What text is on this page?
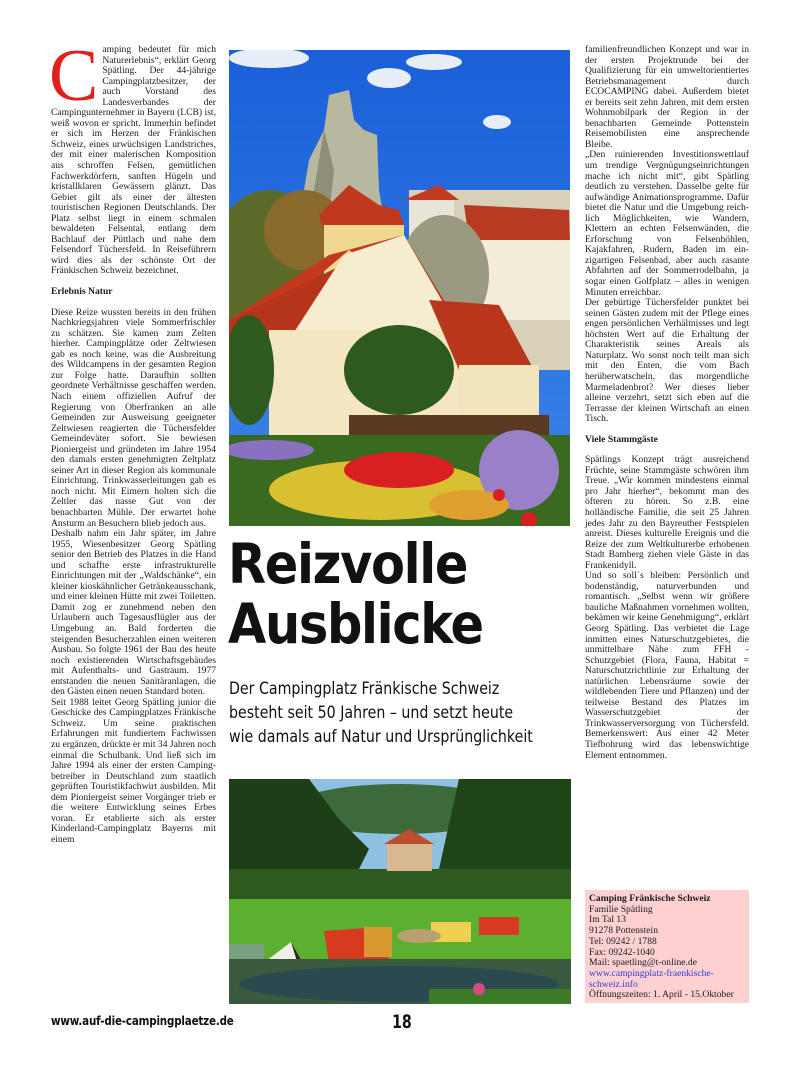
Camping bedeutet für mich Naturerlebnis“, erklärt Georg Spätling. Der 44-jährige Campingplatzbesitzer, der auch Vorstand des Landesverbandes der Campingunternehmer in Bayern (LCB) ist, weiß wovon er spricht. Immerhin befindet er sich im Herzen der Fränkischen Schweiz, eines urwüchsigen Landstriches, der mit einer malerischen Komposition aus schroffen Felsen, gemütlichen Fachwerkdörfern, sanften Hügeln und kristallklaren Gewässern glänzt. Das Gebiet gilt als einer der ältesten touristischen Regionen Deutschlands. Der Platz selbst liegt in einem schmalen bewaldeten Felsental, entlang dem Bachlauf der Püttlach und nahe dem Felsendorf Tüchersfeld. In Reiseführern wird dies als der schönste Ort der Fränkischen Schweiz bezeichnet.

Erlebnis Natur

Diese Reize wussten bereits in den frühen Nachkriegsjahren viele Sommerfrischler zu schätzen. Sie kamen zum Zelten hierher. Campingplätze oder Zeltwiesen gab es noch keine, was die Ausbreitung des Wildcampens in der gesamten Region zur Folge hatte. Daraufhin sollten geordnete Verhältnisse geschaffen werden. Nach einem offiziellen Aufruf der Regierung von Oberfranken an alle Gemeinden zur Ausweisung geeigneter Zeltwiesen reagierten die Tüchersfelder Gemeindeväter sofort. Sie bewiesen Pioniergeist und gründeten im Jahre 1954 den damals ersten genehmigten Zeltplatz seiner Art in dieser Region als kommunale Einrichtung. Trinkwasserleitungen gab es noch nicht. Mit Eimern holten sich die Zeltler das nasse Gut von der benachbarten Mühle. Der erwartet hohe Ansturm an Besuchern blieb jedoch aus.

Deshalb nahm ein Jahr später, im Jahre 1955, Wiesenbesitzer Georg Spätling senior den Betrieb des Platzes in die Hand und schaffte erste infrastrukturelle Einrichtungen mit der „Waldschänke“, ein kleiner kioskähnlicher Getränkeausschank, und einer kleinen Hütte mit zwei Toiletten. Damit zog er zunehmend neben den Urlaubern auch Tagesausflügler aus der Umgebung an. Bald forderten die steigenden Besucherzahlen einen weiteren Ausbau. So folgte 1961 der Bau des heute noch existierenden Wirtschaftsgebäudes mit Aufenthalts- und Gastraum. 1977 entstanden die neuen Sanitäranlagen, die den Gästen einen neuen Standard boten.

Seit 1988 leitet Georg Spätling junior die Geschicke des Campingplatzes Fränkische Schweiz. Um seine praktischen Erfahrungen mit fundiertem Fachwissen zu ergänzen, drückte er mit 34 Jahren noch einmal die Schulbank. Und ließ sich im Jahre 1994 als einer der ersten Campingbetreiber in Deutschland zum staatlich geprüften Touristikfachwirt ausbilden. Mit dem Pioniergeist seiner Vorgänger trieb er die weitere Entwicklung seines Erbes voran. Er etablierte sich als erster Kinderland-Campingplatz Bayerns mit einem

Reizvolle
Ausblicke

Der Campingplatz Fränkische Schweiz
besteht seit 50 Jahren – und setzt heute
wie damals auf Natur und Ursprünglichkeit

familienfreundlichen Konzept und war in der ersten Projektrunde bei der Qualifizierung für ein umweltorientiertes Betriebsmanagement durch ECOCAMPING dabei. Außerdem bietet er bereits seit zehn Jahren, mit dem ersten Wohnmobilpark der Region in der benachbarten Gemeinde Pottenstein Reisemobilisten eine ansprechende Bleibe.

„Den ruinierenden Investitionswettlauf um trendige Vergnügungseinrichtungen mache ich nicht mit“, gibt Spätling deutlich zu verstehen. Dasselbe gelte für aufwändige Animationsprogramme. Dafür bietet die Natur und die Umgebung reichlich Möglichkeiten, wie Wandern, Klettern an echten Felsenwänden, die Erforschung von Felsenhöhlen, Kajakfahren, Rudern, Baden im einzigartigen Felsenbad, aber auch rasante Abfahrten auf der Sommerrodelbahn, ja sogar einen Golfplatz – alles in wenigen Minuten erreichbar.

Der gebürtige Tüchersfelder punktet bei seinen Gästen zudem mit der Pflege eines engen persönlichen Verhältnisses und legt höchsten Wert auf die Erhaltung der Charakteristik seines Areals als Naturplatz. Wo sonst noch teilt man sich mit den Enten, die vom Bach herüberwatscheln, das morgendliche Marmeladenbrot? Wer dieses lieber alleine verzehrt, setzt sich eben auf die Terrasse der kleinen Wirtschaft an einen Tisch.

Viele Stammgäste

Spätlings Konzept trägt ausreichend Früchte, seine Stammgäste schwören ihm Treue. „Wir kommen mindestens einmal pro Jahr hierher“, bekommt man des öfteren zu hören. So z.B. eine holländische Familie, die seit 25 Jahren jedes Jahr zu den Bayreuther Festspielen anreist. Dieses kulturelle Ereignis und die Reize der zum Weltkulturerbe erhobenen Stadt Bamberg ziehen viele Gäste in das Frankenidyll.

Und so soll`s bleiben: Persönlich und bodenständig, naturverbunden und romantisch. „Selbst wenn wir größere bauliche Maßnahmen vornehmen wollten, bekämen wir keine Genehmigung“, erklärt Georg Spätling. Das verbietet die Lage inmitten eines Naturschutzgebietes, die unmittelbare Nähe zum FFH - Schutzgebiet (Flora, Fauna, Habitat = Naturschutzrichtlinie zur Erhaltung der natürlichen Lebensräume sowie der wildlebenden Tiere und Pflanzen) und der teilweise Bestand des Platzes im Wasserschutzgebiet der Trinkwasserversorgung von Tüchersfeld. Bemerkenswert: Aus einer 42 Meter Tiefbohrung wird das lebenswichtige Element entnommen.

Camping Fränkische Schweiz
Familie Spätling
Im Tal 13
91278 Pottenstein
Tel: 09242 / 1788
Fax: 09242-1040
Mail: spaetling@t-online.de
www.campingplatz-fraenkische-
schweiz.info
Öffnungszeiten: 1. April - 15.Oktober
www.auf-die-campingplaetze.de	18
